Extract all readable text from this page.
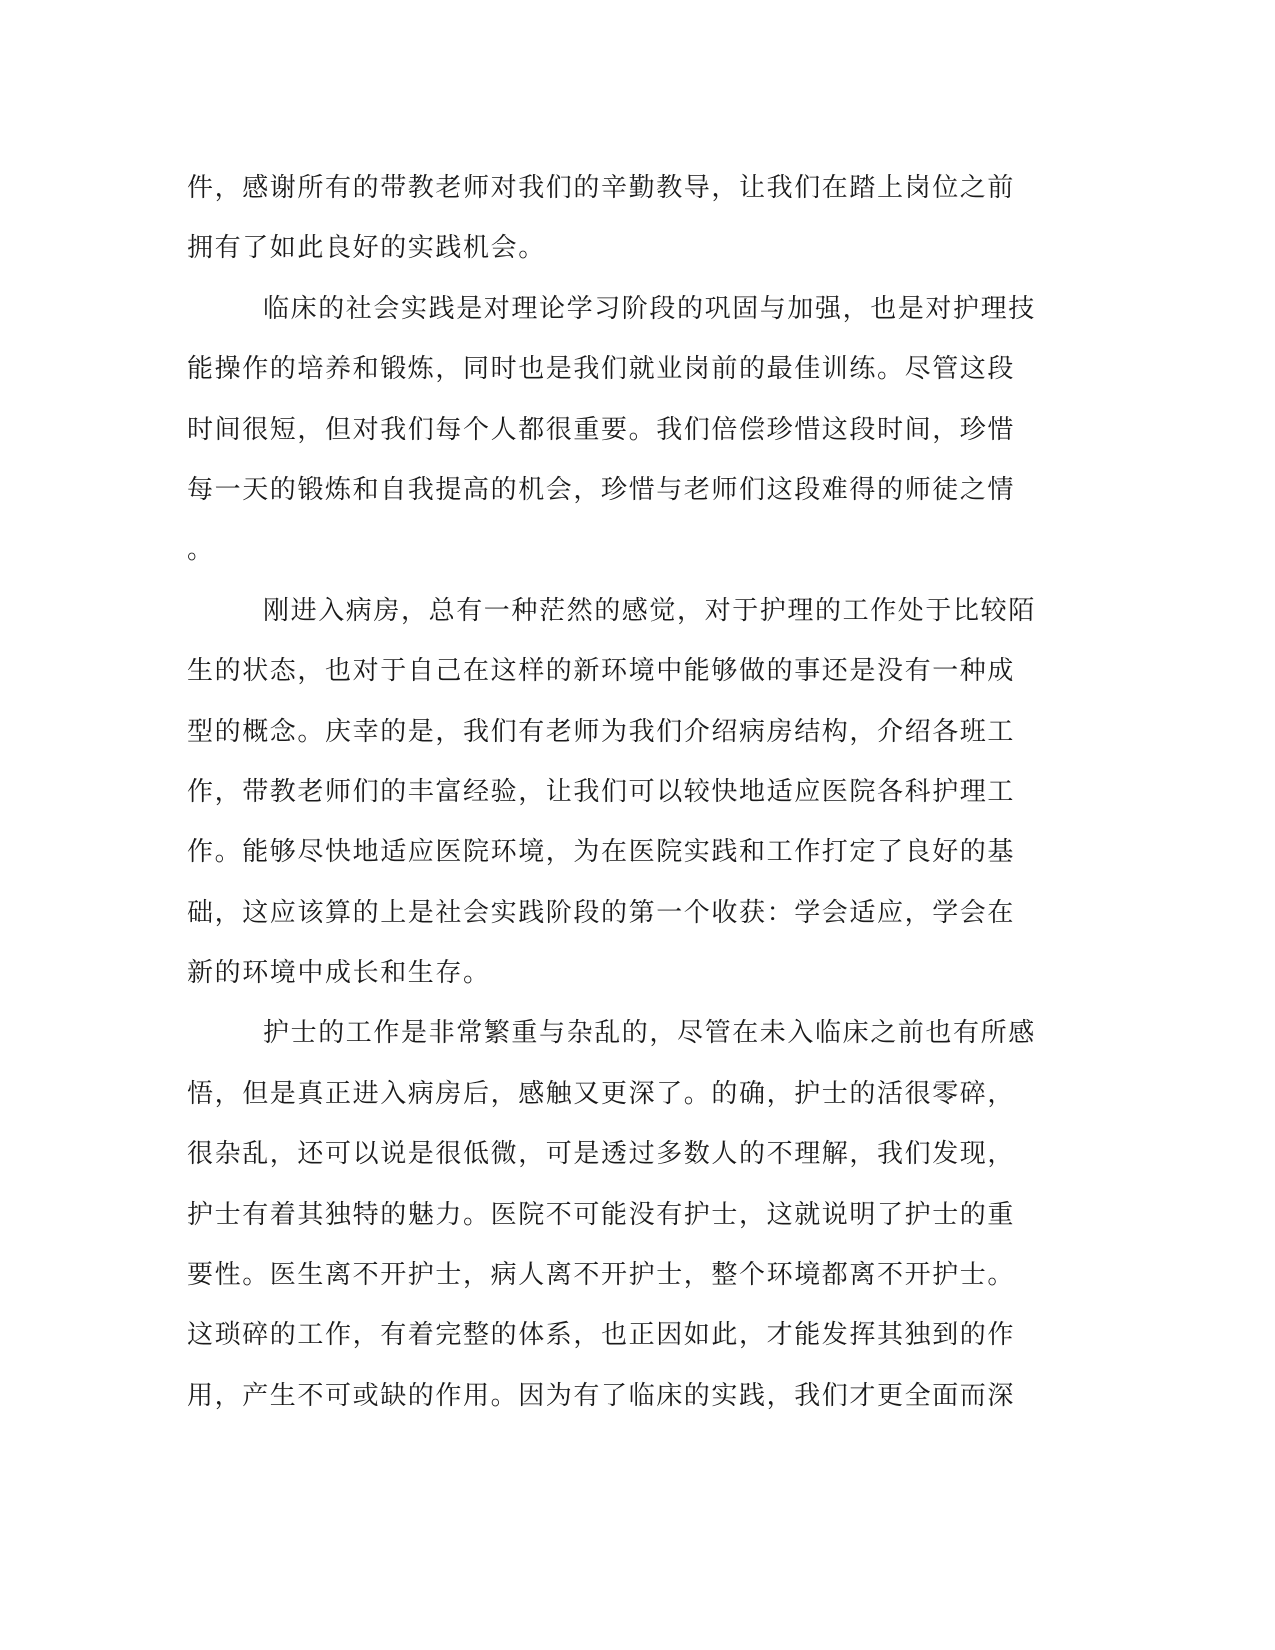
件，感谢所有的带教老师对我们的辛勤教导，让我们在踏上岗位之前
拥有了如此良好的实践机会。
临床的社会实践是对理论学习阶段的巩固与加强，也是对护理技
能操作的培养和锻炼，同时也是我们就业岗前的最佳训练。尽管这段
时间很短，但对我们每个人都很重要。我们倍偿珍惜这段时间，珍惜
每一天的锻炼和自我提高的机会，珍惜与老师们这段难得的师徒之情
。
刚进入病房，总有一种茫然的感觉，对于护理的工作处于比较陌
生的状态，也对于自己在这样的新环境中能够做的事还是没有一种成
型的概念。庆幸的是，我们有老师为我们介绍病房结构，介绍各班工
作，带教老师们的丰富经验，让我们可以较快地适应医院各科护理工
作。能够尽快地适应医院环境，为在医院实践和工作打定了良好的基
础，这应该算的上是社会实践阶段的第一个收获：学会适应，学会在
新的环境中成长和生存。
护士的工作是非常繁重与杂乱的，尽管在未入临床之前也有所感
悟，但是真正进入病房后，感触又更深了。的确，护士的活很零碎，
很杂乱，还可以说是很低微，可是透过多数人的不理解，我们发现，
护士有着其独特的魅力。医院不可能没有护士，这就说明了护士的重
要性。医生离不开护士，病人离不开护士，整个环境都离不开护士。
这琐碎的工作，有着完整的体系，也正因如此，才能发挥其独到的作
用，产生不可或缺的作用。因为有了临床的实践，我们才更全面而深
